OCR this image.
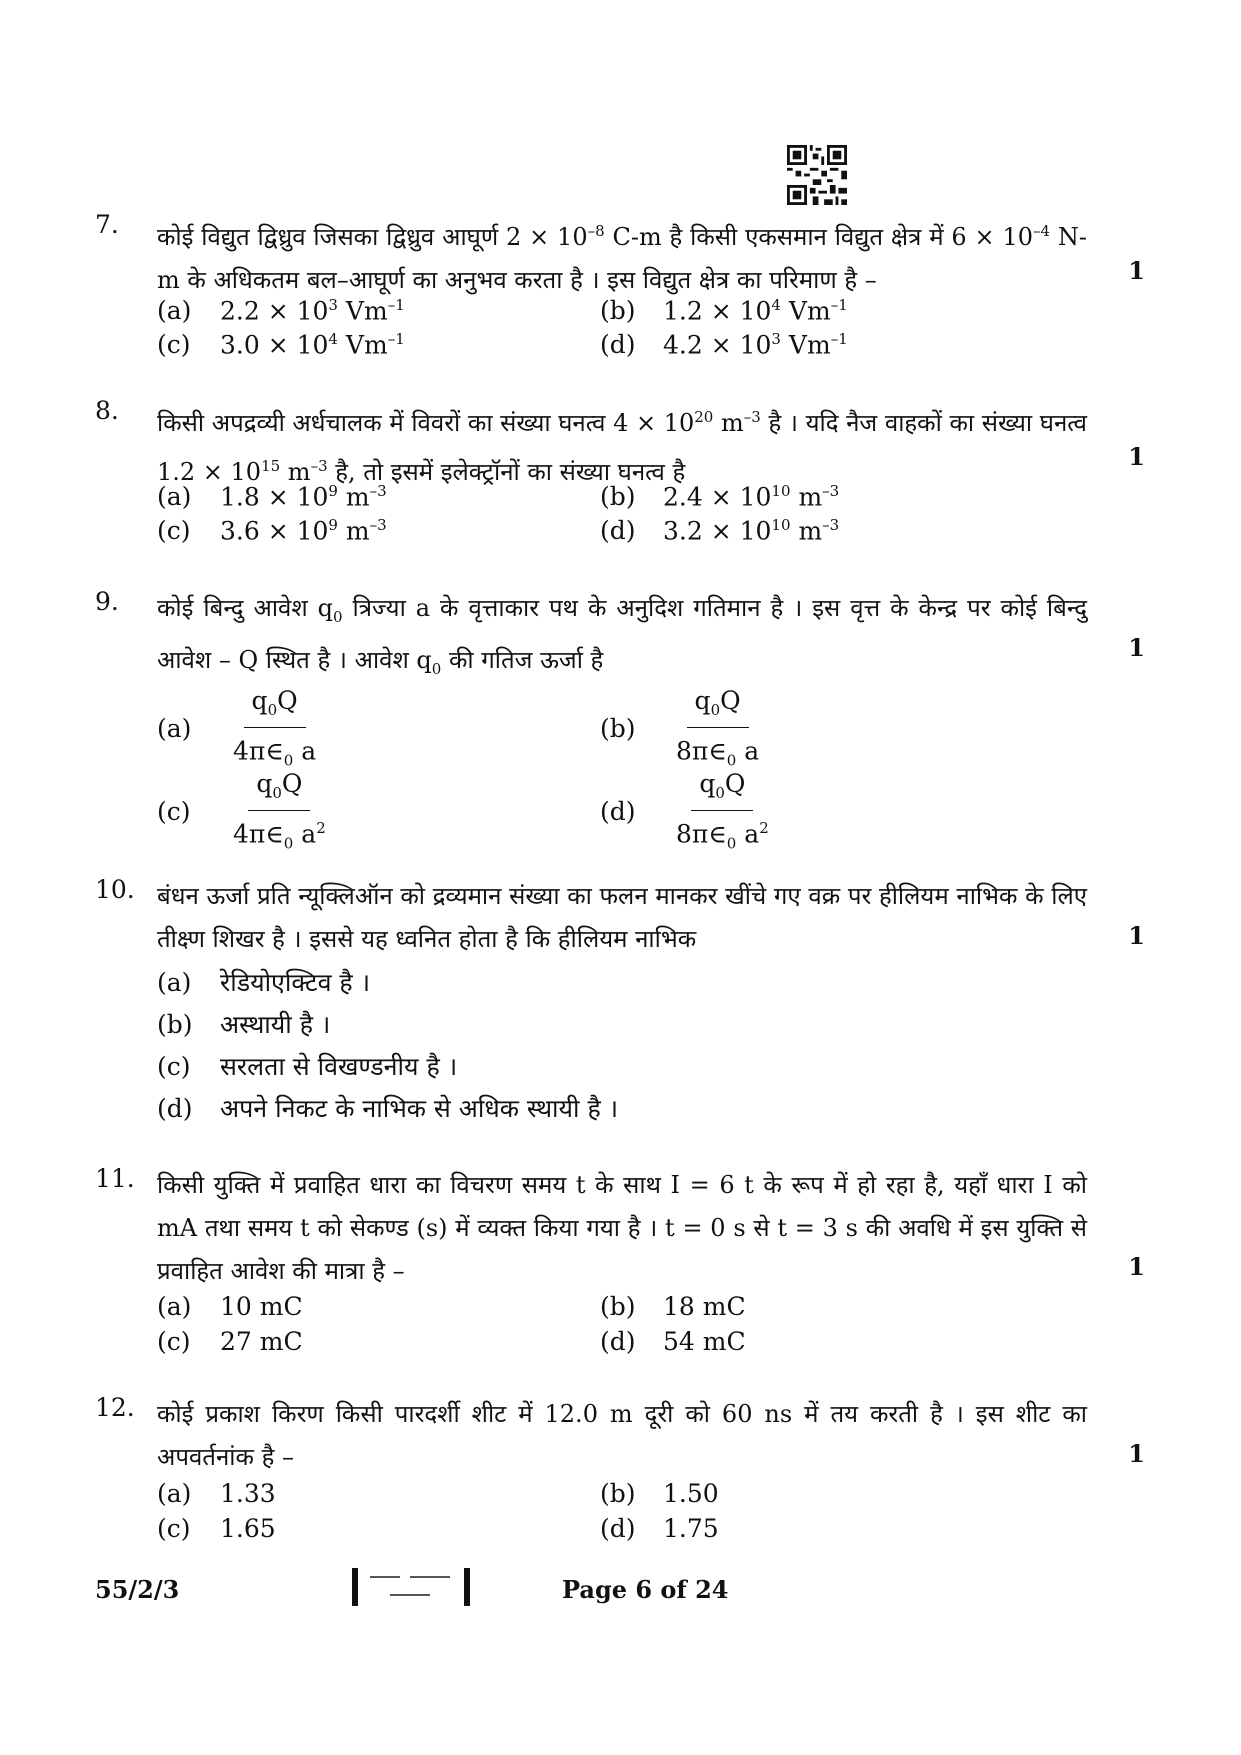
7. कोई विद्युत द्विध्रुव जिसका द्विध्रुव आघूर्ण $2 \times 10^{-8}$ C-m है किसी एकसमान विद्युत क्षेत्र में $6 \times 10^{-4}$ N-m के अधिकतम बल–आघूर्ण का अनुभव करता है । इस विद्युत क्षेत्र का परिमाण है –	1
(a) $2.2 \times 10^3$ $Vm^{-1}$	(b) $1.2 \times 10^4$ $Vm^{-1}$
(c) $3.0 \times 10^4$ $Vm^{-1}$	(d) $4.2 \times 10^3$ $Vm^{-1}$
8. किसी अपद्रव्यी अर्धचालक में विवरों का संख्या घनत्व $4 \times 10^{20}$ $m^{-3}$ है । यदि नैज वाहकों का संख्या घनत्व $1.2 \times 10^{15}$ $m^{-3}$ है, तो इसमें इलेक्ट्रॉनों का संख्या घनत्व है
1
(a) $1.8 \times 10^9$ $m^{-3}$	(b) $2.4 \times 10^{10}$ $m^{-3}$
(c) $3.6 \times 10^9$ $m^{-3}$	(d) $3.2 \times 10^{10}$ $m^{-3}$
9. कोई बिन्दु आवेश $q_0$ त्रिज्या a के वृत्ताकार पथ के अनुदिश गतिमान है । इस वृत्त के केन्द्र पर कोई बिन्दु आवेश – Q स्थित है । आवेश $q_0$ की गतिज ऊर्जा है	1
$(a) \frac{q_0Q}{4\pi\in_0 a}$	$(b) \frac{q_0Q}{8\pi\in_0 a}$
$(c) \frac{q_0Q}{4\pi\in_0 a^2}$	$(d) \frac{q_0Q}{8\pi\in_0 a^2}$
10. बंधन ऊर्जा प्रति न्यूक्लिऑन को द्रव्यमान संख्या का फलन मानकर खींचे गए वक्र पर हीलियम नाभिक के लिए तीक्ष्ण शिखर है । इससे यह ध्वनित होता है कि हीलियम नाभिक	1
(a) रेडियोएक्टिव है ।
(b) अस्थायी है ।
(c) सरलता से विखण्डनीय है ।
(d) अपने निकट के नाभिक से अधिक स्थायी है ।
11. किसी युक्ति में प्रवाहित धारा का विचरण समय t के साथ I = 6 t के रूप में हो रहा है, यहाँ धारा I को mA तथा समय t को सेकण्ड (s) में व्यक्त किया गया है । t = 0 s से t = 3 s की अवधि में इस युक्ति से प्रवाहित आवेश की मात्रा है –	1
(a) 10 mC	(b) 18 mC
(c) 27 mC	(d) 54 mC
12. कोई प्रकाश किरण किसी पारदर्शी शीट में 12.0 m दूरी को 60 ns में तय करती है । इस शीट का अपवर्तनांक है –	1
(a) 1.33	(b) 1.50
(c) 1.65	(d) 1.75
55/2/3	Page 6 of 24
